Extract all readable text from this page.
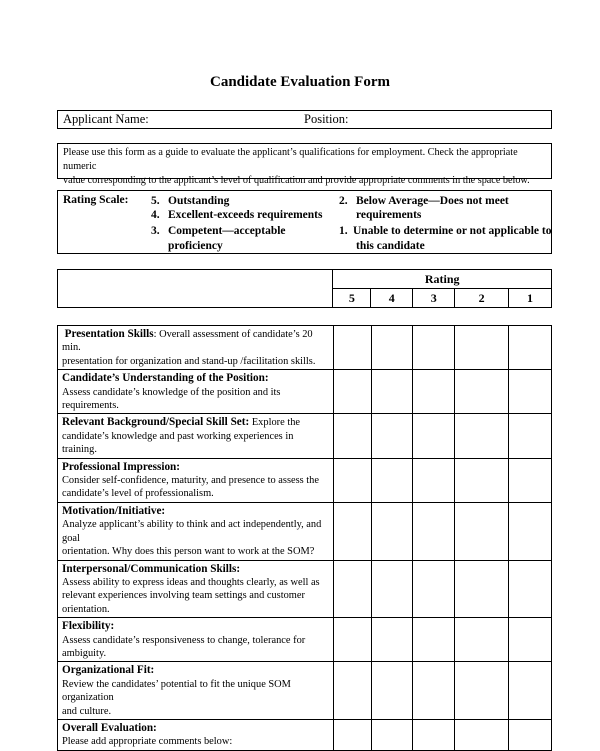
Candidate Evaluation Form
Applicant Name:	Position:
Please use this form as a guide to evaluate the applicant’s qualifications for employment. Check the appropriate numeric
value corresponding to the applicant’s level of qualification and provide appropriate comments in the space below.
Rating Scale: 5. Outstanding
4. Excellent-exceeds requirements
3. Competent—acceptable
proficiency
2. Below Average—Does not meet
requirements
1. Unable to determine or not applicable to
this candidate
	Rating				
	5	4	3	2	1
Presentation Skills: Overall assessment of candidate’s 20 min.
presentation for organization and stand-up /facilitation skills.					
Candidate’s Understanding of the Position:
Assess candidate’s knowledge of the position and its requirements.					
Relevant Background/Special Skill Set: Explore the
candidate’s knowledge and past working experiences in training.					
Professional Impression:
Consider self-confidence, maturity, and presence to assess the
candidate’s level of professionalism.					
Motivation/Initiative:
Analyze applicant’s ability to think and act independently, and goal
orientation. Why does this person want to work at the SOM?					
Interpersonal/Communication Skills:
Assess ability to express ideas and thoughts clearly, as well as
relevant experiences involving team settings and customer orientation.					
Flexibility:
Assess candidate’s responsiveness to change, tolerance for
ambiguity.					
Organizational Fit:
Review the candidates’ potential to fit the unique SOM organization
and culture.					
Overall Evaluation:
Please add appropriate comments below:					
